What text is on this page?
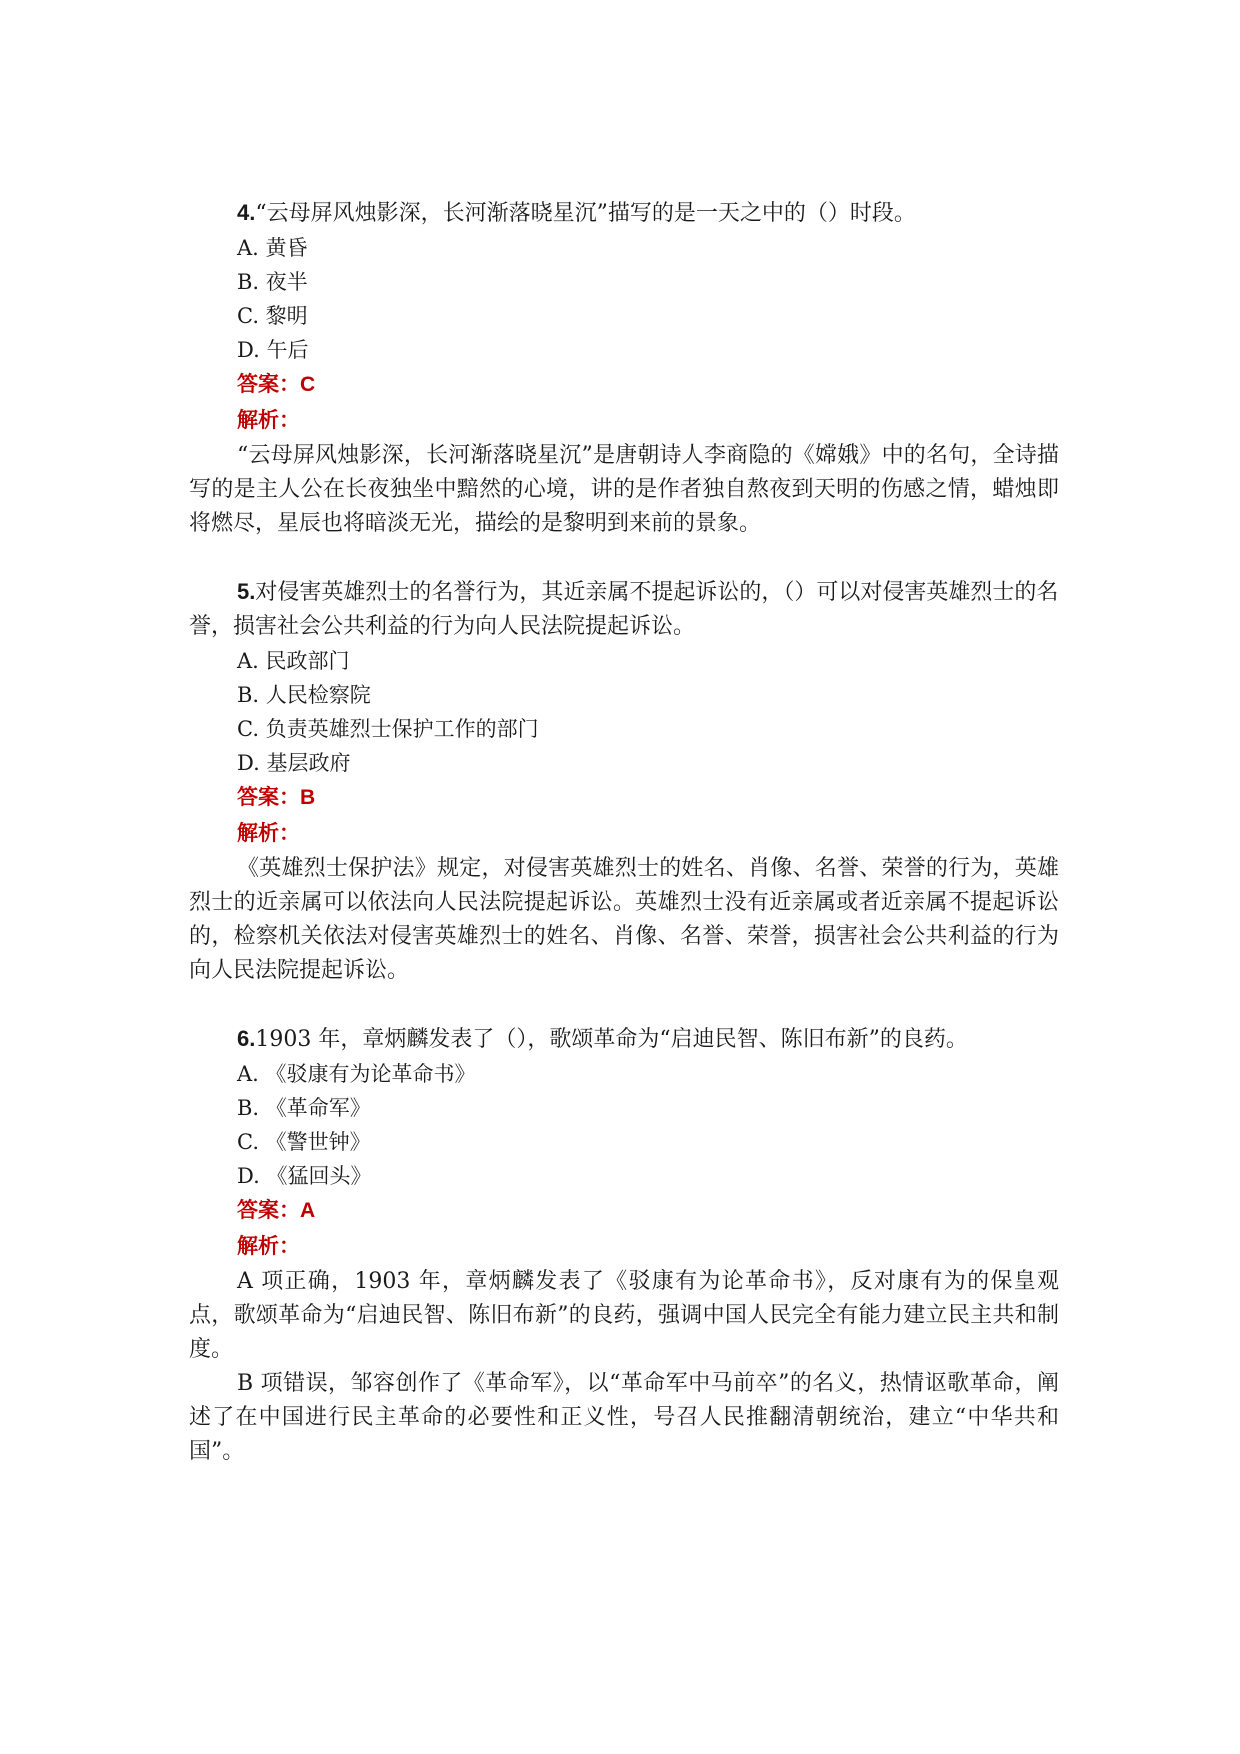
4.“云母屏风烛影深，长河渐落晓星沉”描写的是一天之中的（）时段。

A. 黄昏
B. 夜半
C. 黎明
D. 午后

答案：C

解析：

“云母屏风烛影深，长河渐落晓星沉”是唐朝诗人李商隐的《嫦娥》中的名句，全诗描写的是主人公在长夜独坐中黯然的心境，讲的是作者独自熬夜到天明的伤感之情，蜡烛即将燃尽，星辰也将暗淡无光，描绘的是黎明到来前的景象。

5.对侵害英雄烈士的名誉行为，其近亲属不提起诉讼的，（）可以对侵害英雄烈士的名誉，损害社会公共利益的行为向人民法院提起诉讼。

A. 民政部门
B. 人民检察院
C. 负责英雄烈士保护工作的部门
D. 基层政府

答案：B

解析：

《英雄烈士保护法》规定，对侵害英雄烈士的姓名、肖像、名誉、荣誉的行为，英雄烈士的近亲属可以依法向人民法院提起诉讼。英雄烈士没有近亲属或者近亲属不提起诉讼的，检察机关依法对侵害英雄烈士的姓名、肖像、名誉、荣誉，损害社会公共利益的行为向人民法院提起诉讼。

6.1903 年，章炳麟发表了（），歌颂革命为“启迪民智、陈旧布新”的良药。

A. 《驳康有为论革命书》
B. 《革命军》
C. 《警世钟》
D. 《猛回头》

答案：A

解析：

A 项正确，1903 年，章炳麟发表了《驳康有为论革命书》，反对康有为的保皇观点，歌颂革命为“启迪民智、陈旧布新”的良药，强调中国人民完全有能力建立民主共和制度。

B 项错误，邹容创作了《革命军》，以“革命军中马前卒”的名义，热情讴歌革命，阐述了在中国进行民主革命的必要性和正义性，号召人民推翻清朝统治，建立“中华共和国”。
